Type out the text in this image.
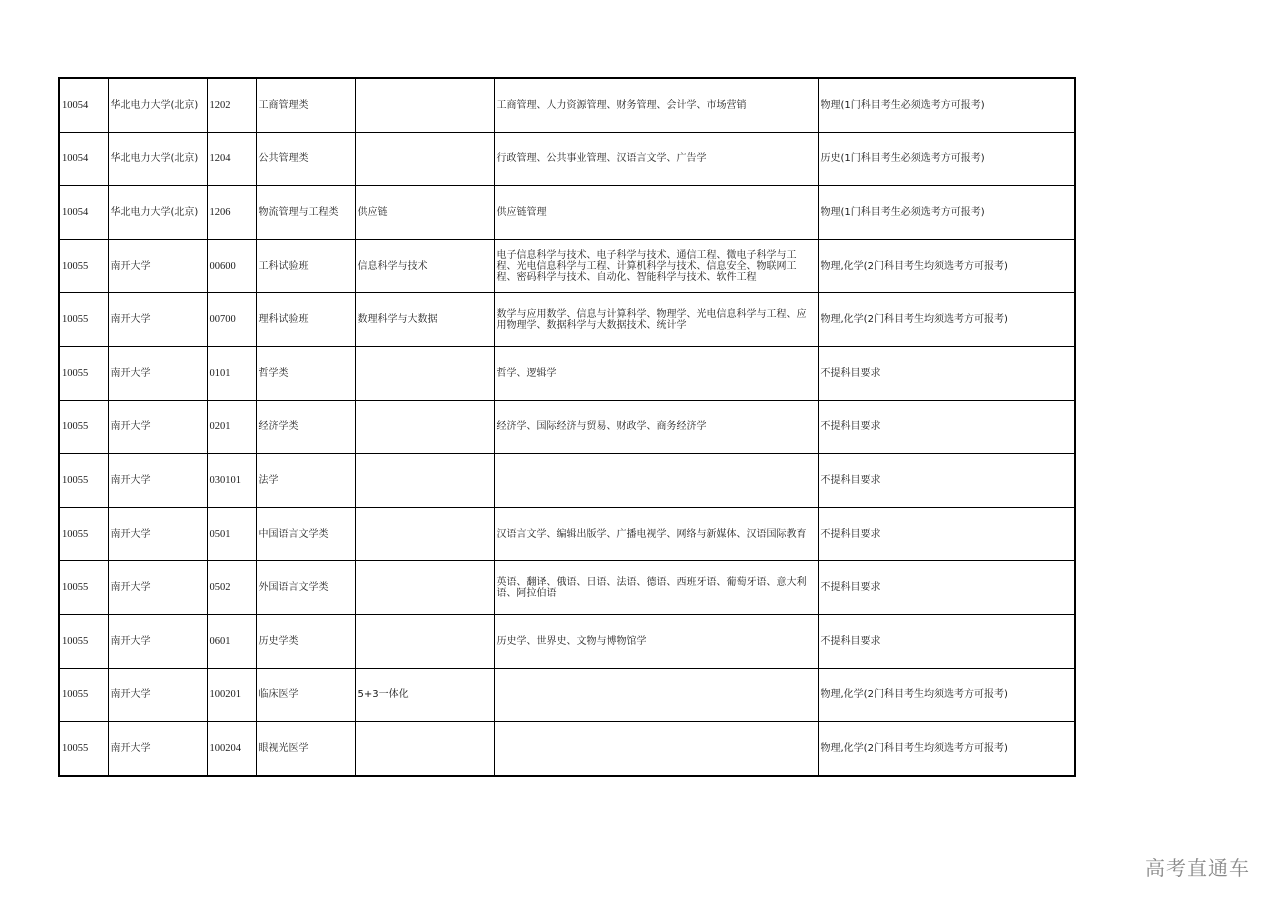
10054	华北电力大学(北京)	1202	工商管理类		工商管理、人力资源管理、财务管理、会计学、市场营销	物理(1门科目考生必须选考方可报考)
10054	华北电力大学(北京)	1204	公共管理类		行政管理、公共事业管理、汉语言文学、广告学	历史(1门科目考生必须选考方可报考)
10054	华北电力大学(北京)	1206	物流管理与工程类	供应链	供应链管理	物理(1门科目考生必须选考方可报考)
10055	南开大学	00600	工科试验班	信息科学与技术	电子信息科学与技术、电子科学与技术、通信工程、微电子科学与工程、光电信息科学与工程、计算机科学与技术、信息安全、物联网工程、密码科学与技术、自动化、智能科学与技术、软件工程	物理,化学(2门科目考生均须选考方可报考)
10055	南开大学	00700	理科试验班	数理科学与大数据	数学与应用数学、信息与计算科学、物理学、光电信息科学与工程、应用物理学、数据科学与大数据技术、统计学	物理,化学(2门科目考生均须选考方可报考)
10055	南开大学	0101	哲学类		哲学、逻辑学	不提科目要求
10055	南开大学	0201	经济学类		经济学、国际经济与贸易、财政学、商务经济学	不提科目要求
10055	南开大学	030101	法学			不提科目要求
10055	南开大学	0501	中国语言文学类		汉语言文学、编辑出版学、广播电视学、网络与新媒体、汉语国际教育	不提科目要求
10055	南开大学	0502	外国语言文学类		英语、翻译、俄语、日语、法语、德语、西班牙语、葡萄牙语、意大利语、阿拉伯语	不提科目要求
10055	南开大学	0601	历史学类		历史学、世界史、文物与博物馆学	不提科目要求
10055	南开大学	100201	临床医学	5+3一体化		物理,化学(2门科目考生均须选考方可报考)
10055	南开大学	100204	眼视光医学			物理,化学(2门科目考生均须选考方可报考)
高考直通车
